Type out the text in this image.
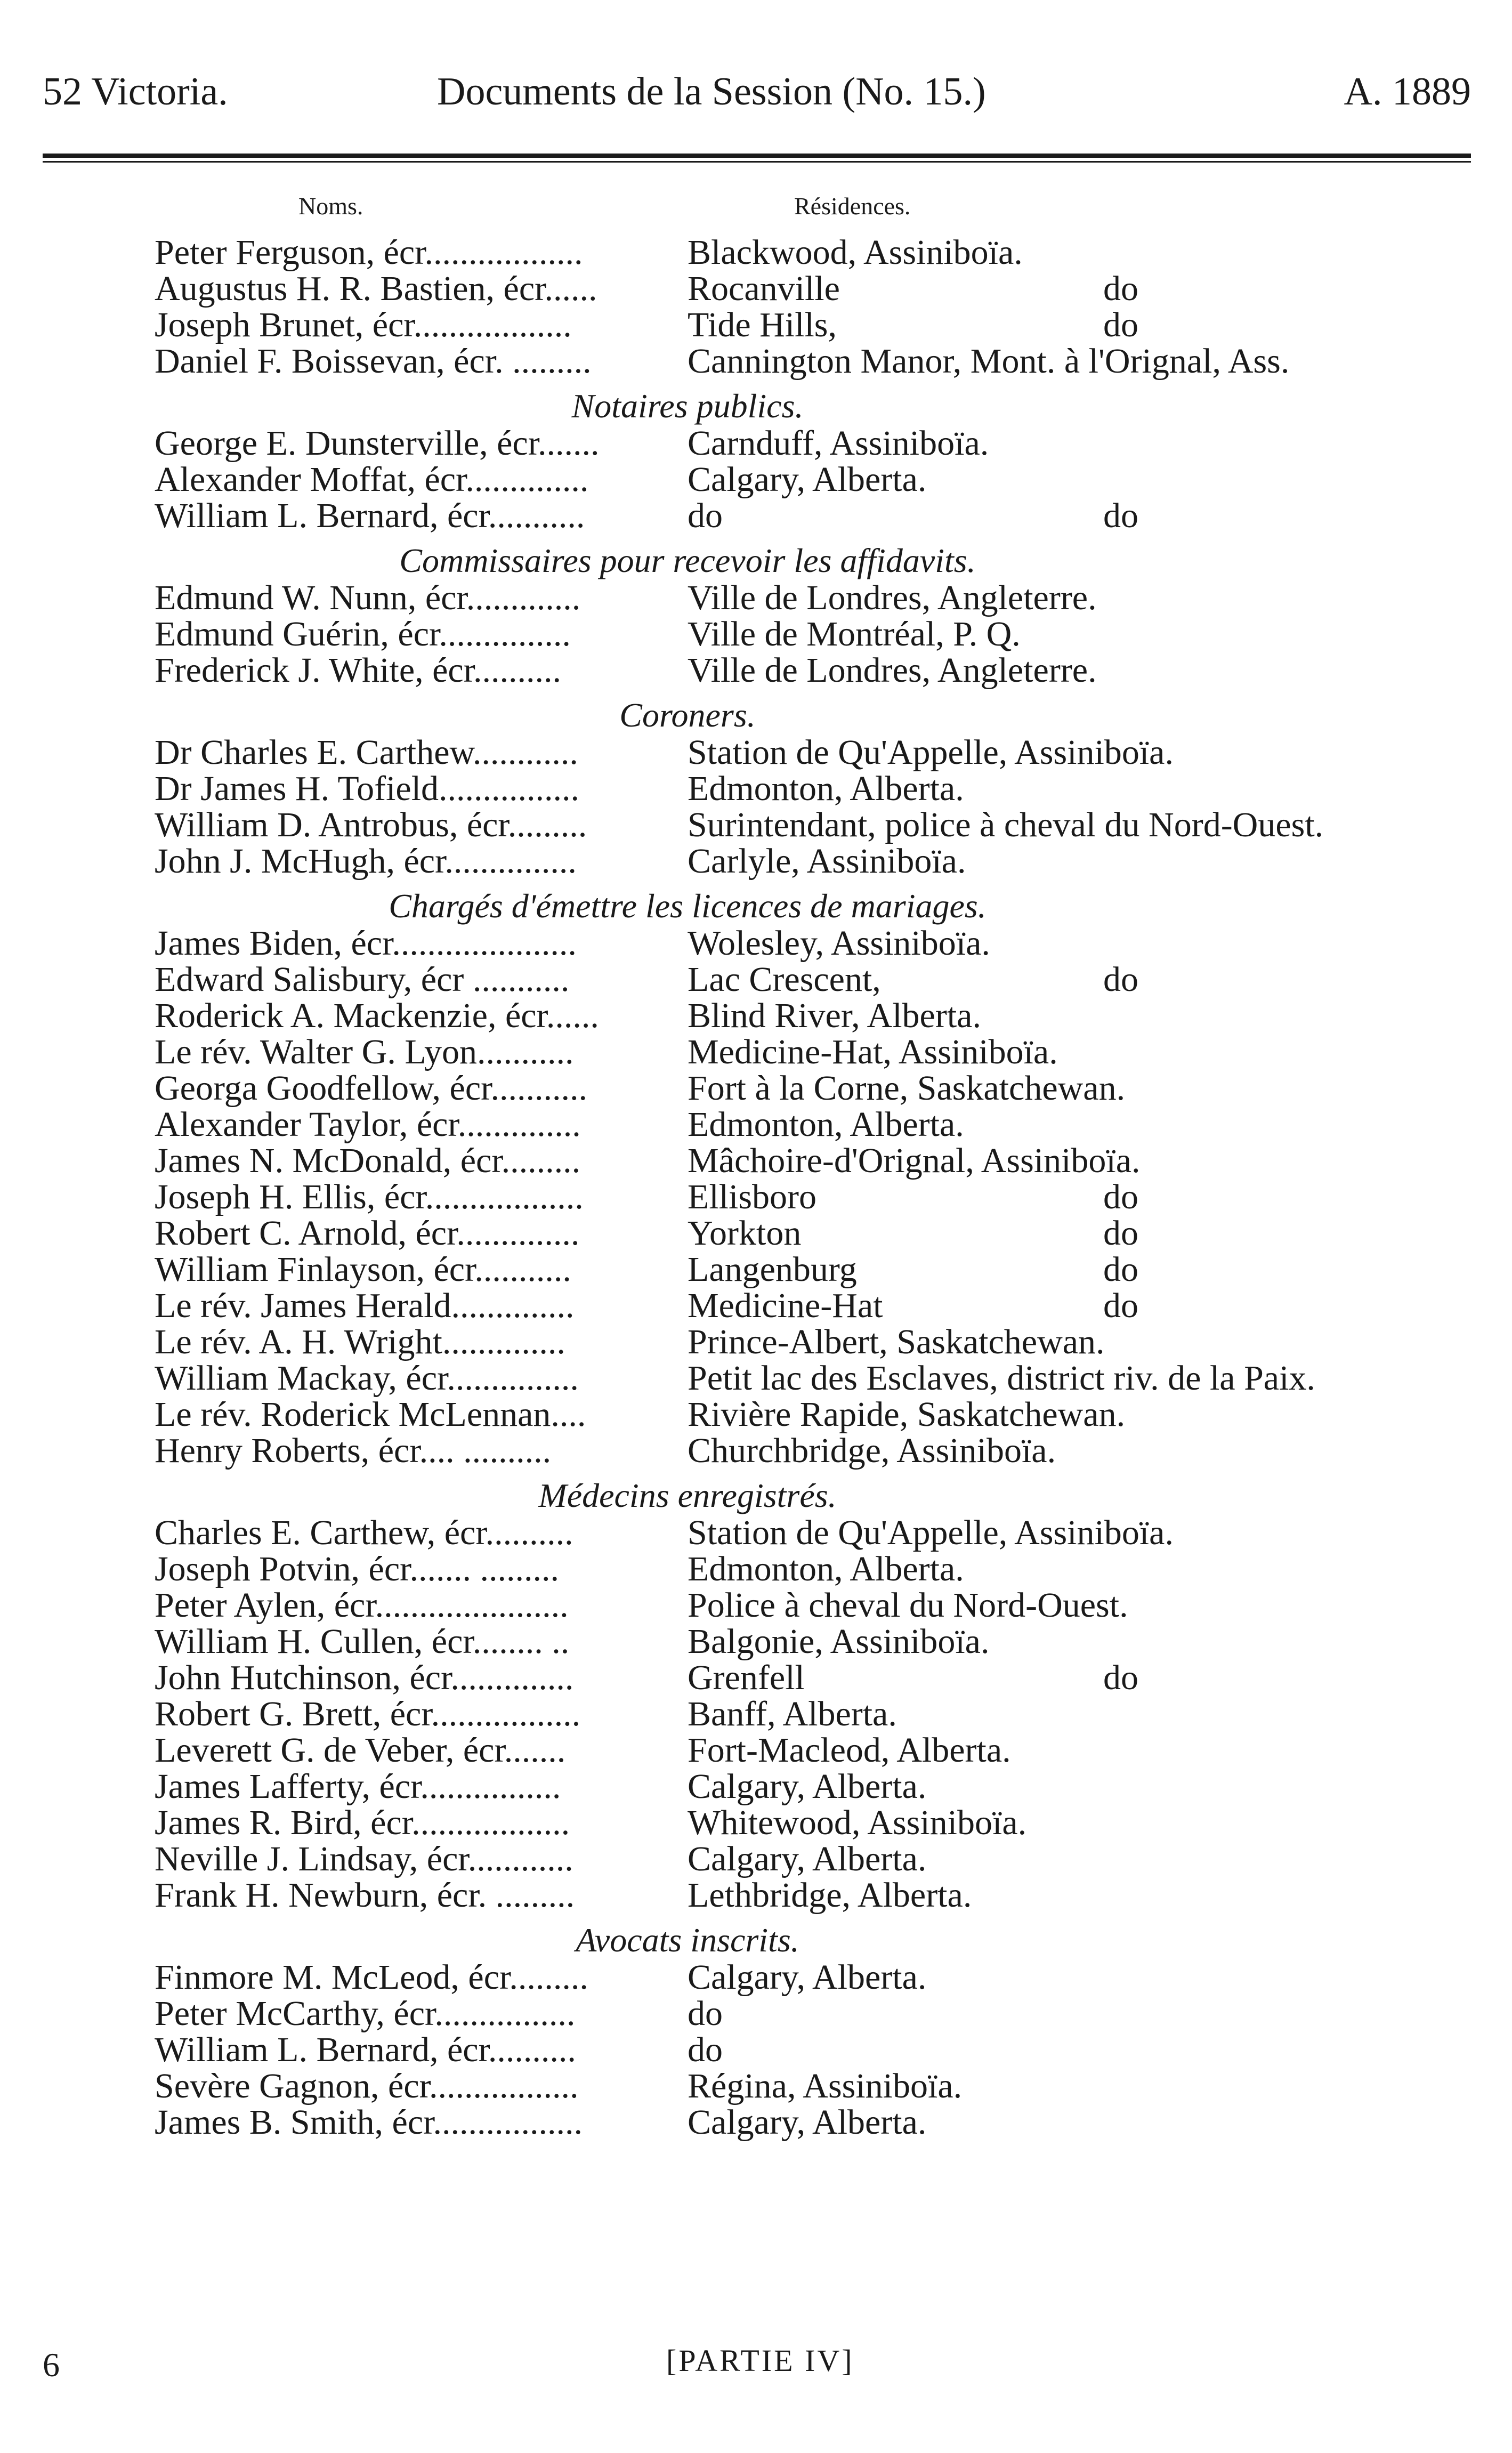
52 Victoria.	Documents de la Session (No. 15.)	A. 1889
Noms.	Résidences.
Peter Ferguson, écr..................	Blackwood, Assiniboïa.
Augustus H. R. Bastien, écr......	Rocanville	do
Joseph Brunet, écr..................	Tide Hills,	do
Daniel F. Boissevan, écr. .........	Cannington Manor, Mont. à l'Orignal, Ass.
Notaires publics.
George E. Dunsterville, écr.......	Carnduff, Assiniboïa.
Alexander Moffat, écr..............	Calgary, Alberta.
William L. Bernard, écr...........	do	do
Commissaires pour recevoir les affidavits.
Edmund W. Nunn, écr.............	Ville de Londres, Angleterre.
Edmund Guérin, écr...............	Ville de Montréal, P. Q.
Frederick J. White, écr..........	Ville de Londres, Angleterre.
Coroners.
Dr Charles E. Carthew............	Station de Qu'Appelle, Assiniboïa.
Dr James H. Tofield................	Edmonton, Alberta.
William D. Antrobus, écr.........	Surintendant, police à cheval du Nord-Ouest.
John J. McHugh, écr...............	Carlyle, Assiniboïa.
Chargés d'émettre les licences de mariages.
James Biden, écr.....................	Wolesley, Assiniboïa.
Edward Salisbury, écr ...........	Lac Crescent,	do
Roderick A. Mackenzie, écr......	Blind River, Alberta.
Le rév. Walter G. Lyon...........	Medicine-Hat, Assiniboïa.
Georga Goodfellow, écr...........	Fort à la Corne, Saskatchewan.
Alexander Taylor, écr..............	Edmonton, Alberta.
James N. McDonald, écr.........	Mâchoire-d'Orignal, Assiniboïa.
Joseph H. Ellis, écr..................	Ellisboro	do
Robert C. Arnold, écr..............	Yorkton	do
William Finlayson, écr...........	Langenburg	do
Le rév. James Herald..............	Medicine-Hat	do
Le rév. A. H. Wright..............	Prince-Albert, Saskatchewan.
William Mackay, écr...............	Petit lac des Esclaves, district riv. de la Paix.
Le rév. Roderick McLennan....	Rivière Rapide, Saskatchewan.
Henry Roberts, écr.... ..........	Churchbridge, Assiniboïa.
Médecins enregistrés.
Charles E. Carthew, écr..........	Station de Qu'Appelle, Assiniboïa.
Joseph Potvin, écr....... .........	Edmonton, Alberta.
Peter Aylen, écr......................	Police à cheval du Nord-Ouest.
William H. Cullen, écr........ ..	Balgonie, Assiniboïa.
John Hutchinson, écr..............	Grenfell	do
Robert G. Brett, écr.................	Banff, Alberta.
Leverett G. de Veber, écr.......	Fort-Macleod, Alberta.
James Lafferty, écr................	Calgary, Alberta.
James R. Bird, écr..................	Whitewood, Assiniboïa.
Neville J. Lindsay, écr............	Calgary, Alberta.
Frank H. Newburn, écr. .........	Lethbridge, Alberta.
Avocats inscrits.
Finmore M. McLeod, écr.........	Calgary, Alberta.
Peter McCarthy, écr................	do
William L. Bernard, écr..........	do
Sevère Gagnon, écr.................	Régina, Assiniboïa.
James B. Smith, écr.................	Calgary, Alberta.
6	[PARTIE IV]
